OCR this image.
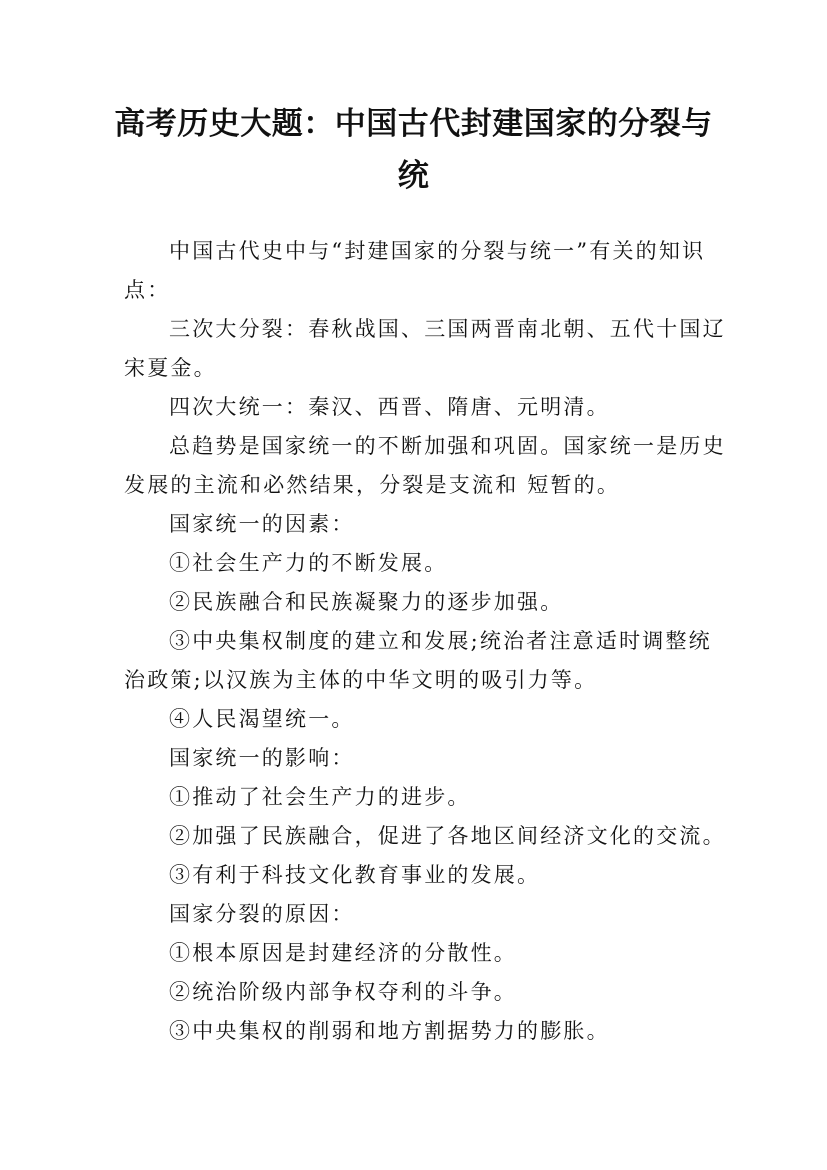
高考历史大题：中国古代封建国家的分裂与
统

中国古代史中与“封建国家的分裂与统一”有关的知识
点：

三次大分裂：春秋战国、三国两晋南北朝、五代十国辽
宋夏金。

四次大统一：秦汉、西晋、隋唐、元明清。

总趋势是国家统一的不断加强和巩固。国家统一是历史
发展的主流和必然结果，分裂是支流和 短暂的。

国家统一的因素：

①社会生产力的不断发展。

②民族融合和民族凝聚力的逐步加强。

③中央集权制度的建立和发展;统治者注意适时调整统
治政策;以汉族为主体的中华文明的吸引力等。

④人民渴望统一。

国家统一的影响：

①推动了社会生产力的进步。

②加强了民族融合，促进了各地区间经济文化的交流。

③有利于科技文化教育事业的发展。

国家分裂的原因：

①根本原因是封建经济的分散性。

②统治阶级内部争权夺利的斗争。

③中央集权的削弱和地方割据势力的膨胀。
